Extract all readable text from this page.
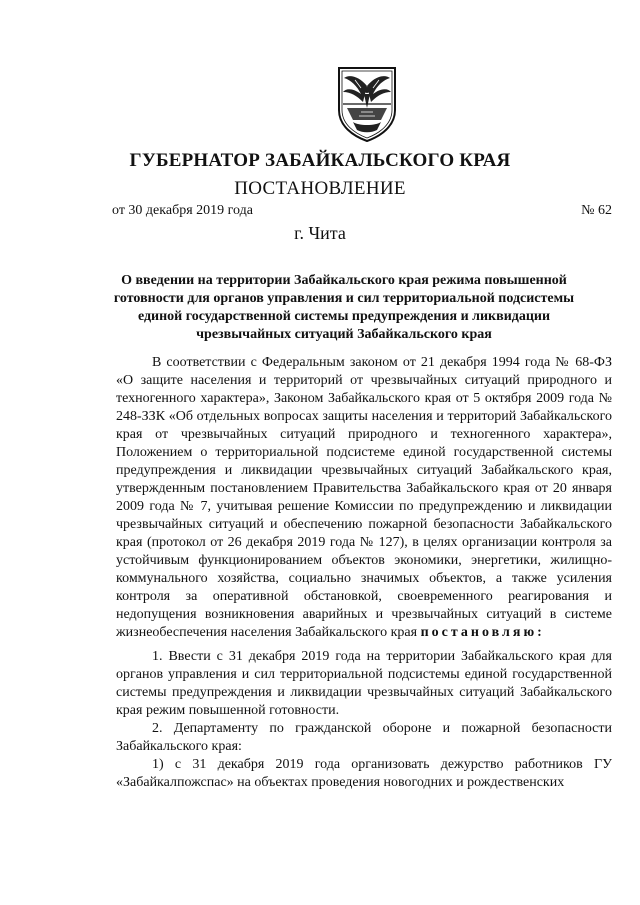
ГУБЕРНАТОР ЗАБАЙКАЛЬСКОГО КРАЯ
ПОСТАНОВЛЕНИЕ
от 30 декабря 2019 года	№ 62
г. Чита
О введении на территории Забайкальского края режима повышенной готовности для органов управления и сил территориальной подсистемы единой государственной системы предупреждения и ликвидации чрезвычайных ситуаций Забайкальского края

В соответствии с Федеральным законом от 21 декабря 1994 года № 68-ФЗ «О защите населения и территорий от чрезвычайных ситуаций природного и техногенного характера», Законом Забайкальского края от 5 октября 2009 года № 248-ЗЗК «Об отдельных вопросах защиты населения и территорий Забайкальского края от чрезвычайных ситуаций природного и техногенного характера», Положением о территориальной подсистеме единой государственной системы предупреждения и ликвидации чрезвычайных ситуаций Забайкальского края, утвержденным постановлением Правительства Забайкальского края от 20 января 2009 года № 7, учитывая решение Комиссии по предупреждению и ликвидации чрезвычайных ситуаций и обеспечению пожарной безопасности Забайкальского края (протокол от 26 декабря 2019 года № 127), в целях организации контроля за устойчивым функционированием объектов экономики, энергетики, жилищно-коммунального хозяйства, социально значимых объектов, а также усиления контроля за оперативной обстановкой, своевременного реагирования и недопущения возникновения аварийных и чрезвычайных ситуаций в системе жизнеобеспечения населения Забайкальского края постановляю:

1. Ввести с 31 декабря 2019 года на территории Забайкальского края для органов управления и сил территориальной подсистемы единой государственной системы предупреждения и ликвидации чрезвычайных ситуаций Забайкальского края режим повышенной готовности.

2. Департаменту по гражданской обороне и пожарной безопасности Забайкальского края:

1) с 31 декабря 2019 года организовать дежурство работников ГУ «Забайкалпожспас» на объектах проведения новогодних и рождественских
